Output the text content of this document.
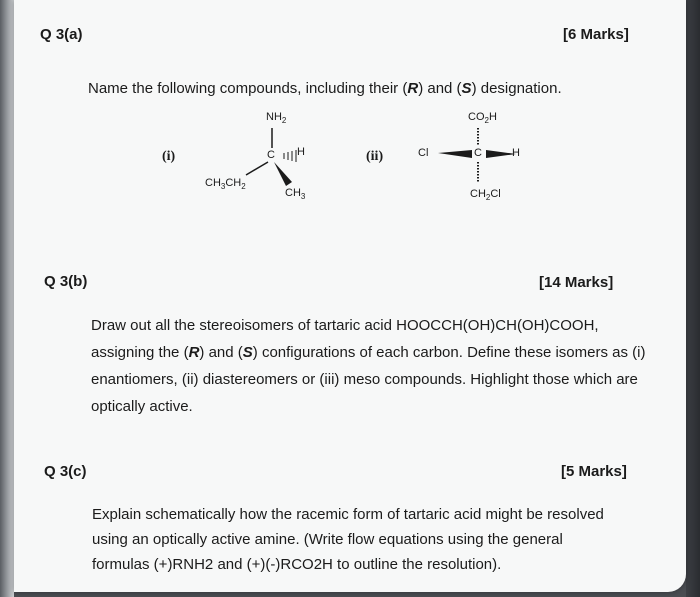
Q 3(a)	[6 Marks]
Name the following compounds, including their (R) and (S) designation.
(i)
$NH_2$
C H
$CH_3CH_2$
$CH_3$
(ii)
$CO_2H$
Cl	C	H
$CH_2Cl$
Q 3(b)	[14 Marks]
Draw out all the stereoisomers of tartaric acid HOOCCH(OH)CH(OH)COOH,
assigning the (R) and (S) configurations of each carbon. Define these isomers as (i)
enantiomers, (ii) diastereomers or (iii) meso compounds. Highlight those which are
optically active.
Q 3(c)	[5 Marks]
Explain schematically how the racemic form of tartaric acid might be resolved
using an optically active amine. (Write flow equations using the general
formulas (+)RNH2 and (+)(-)RCO2H to outline the resolution).
